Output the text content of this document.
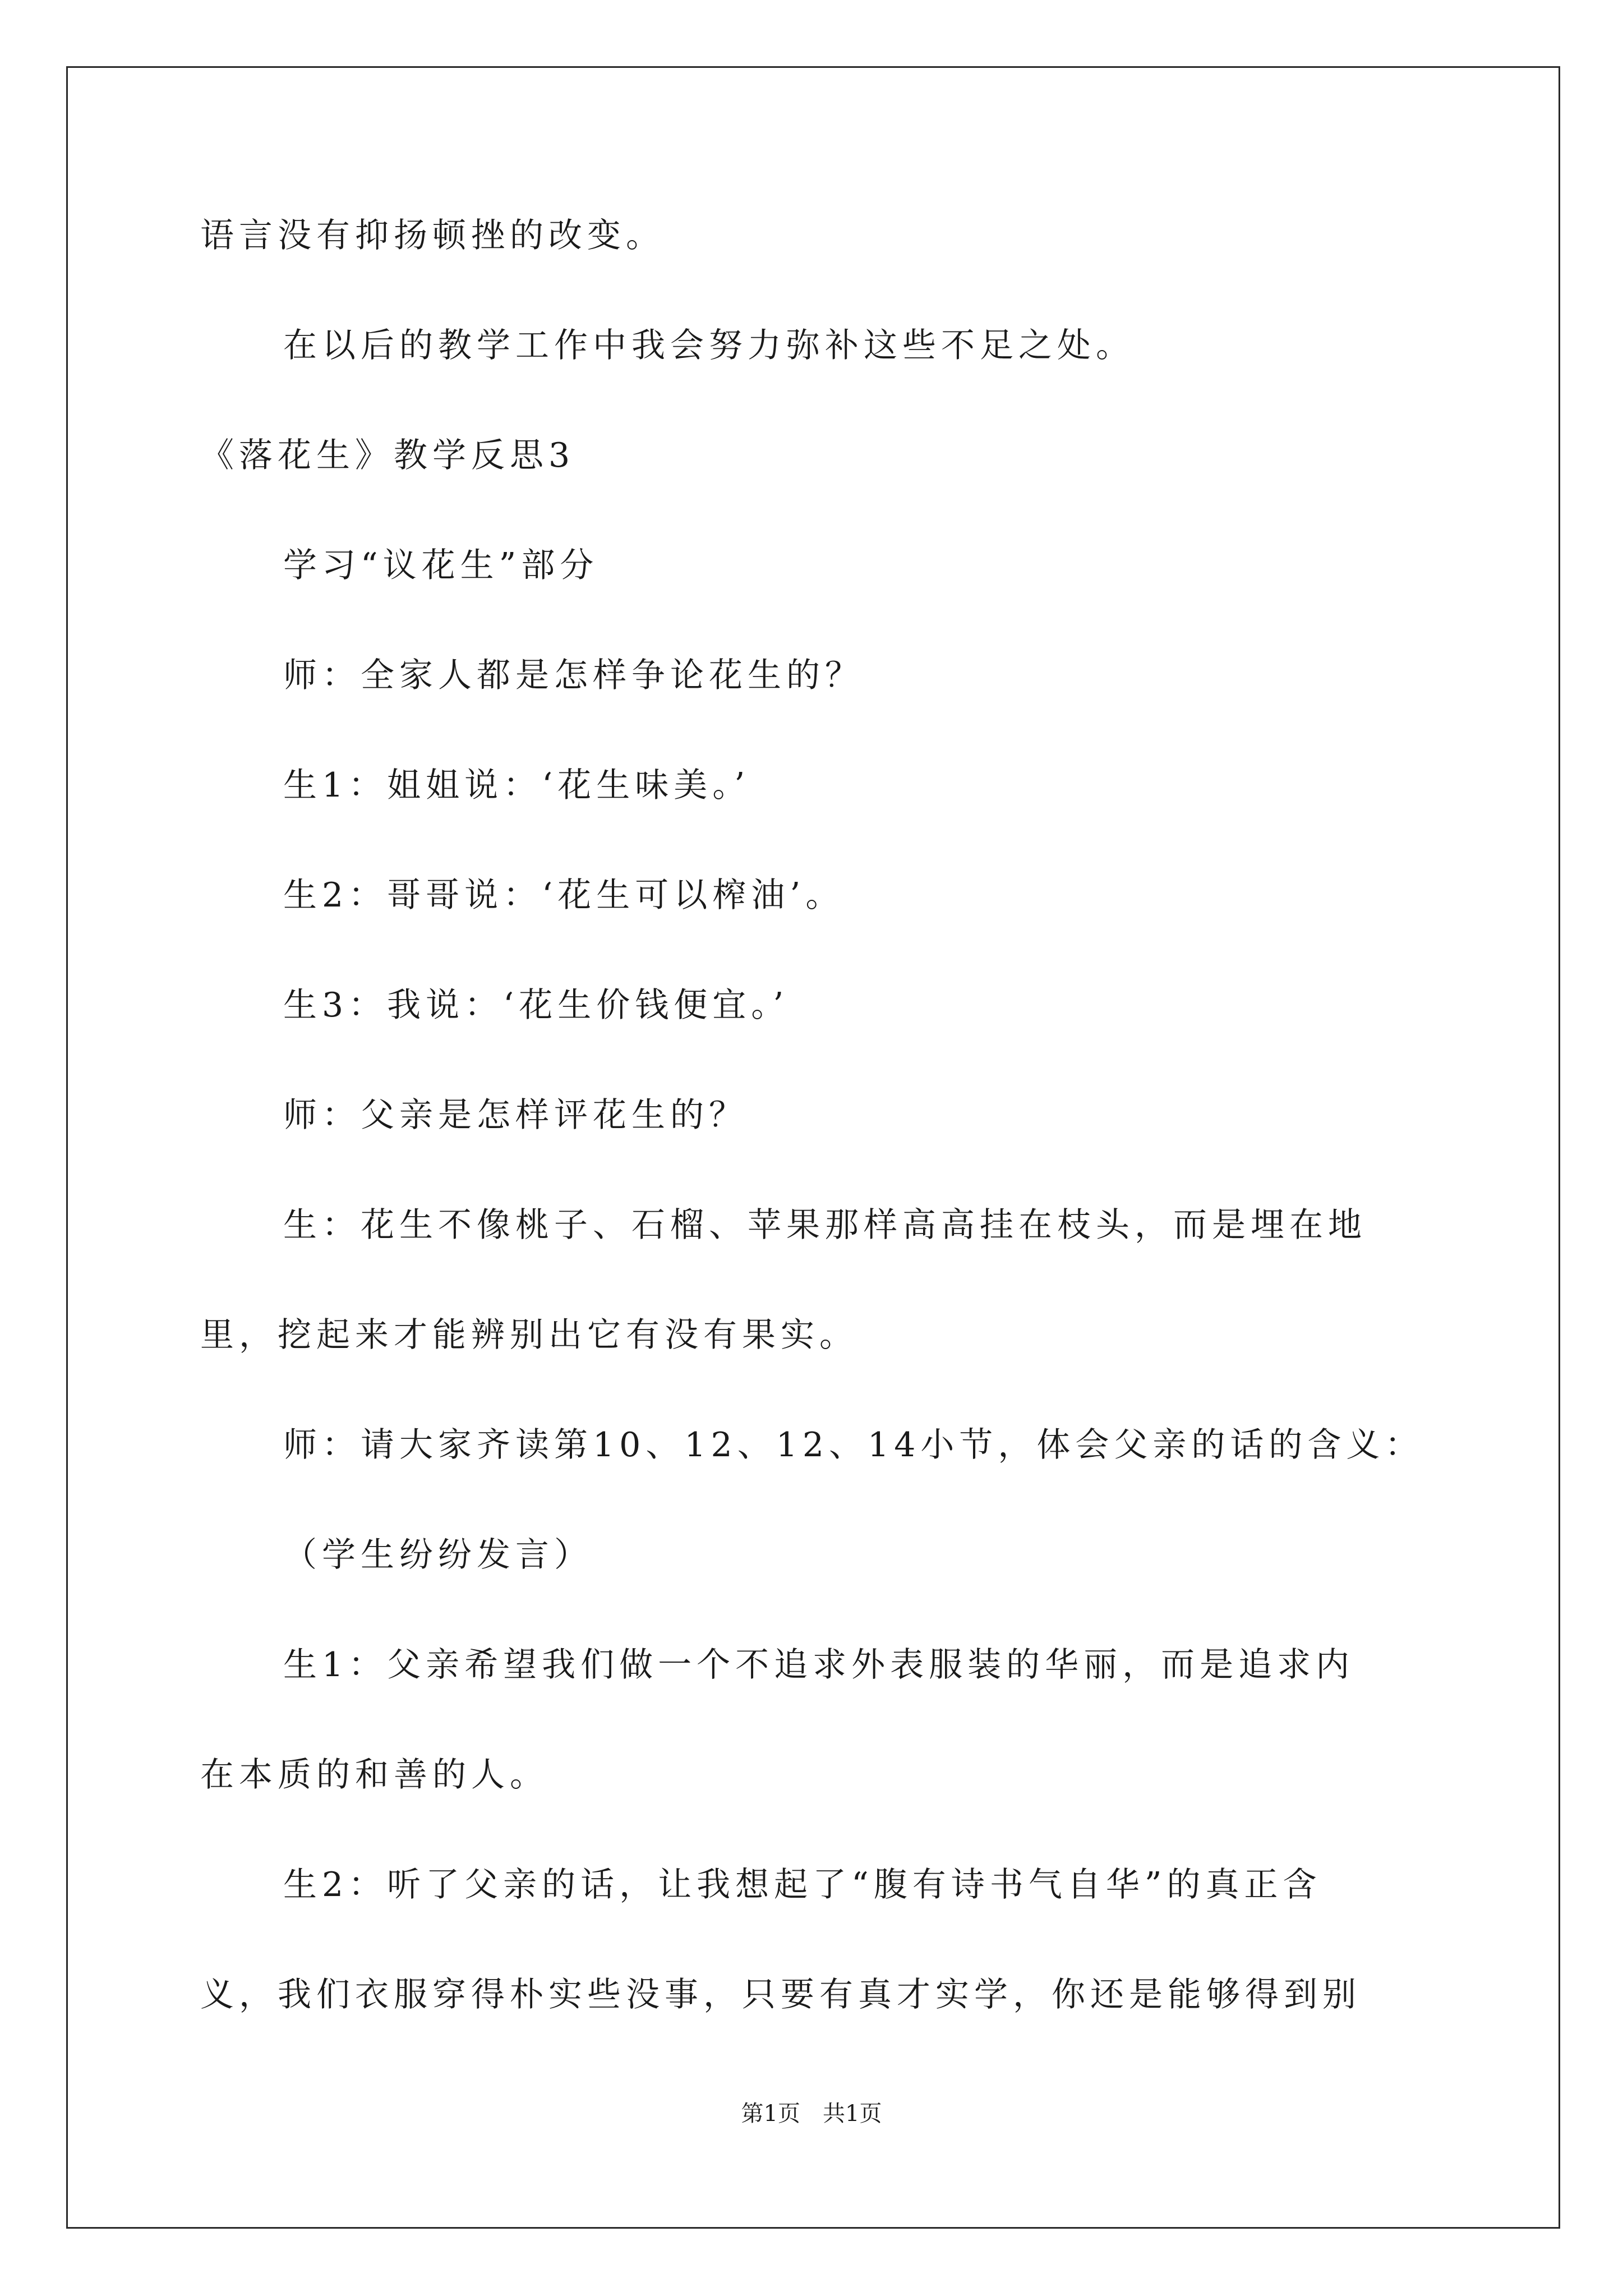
语言没有抑扬顿挫的改变。
在以后的教学工作中我会努力弥补这些不足之处。
《落花生》教学反思3
学习“议花生”部分
师：全家人都是怎样争论花生的？
生1：姐姐说：‘花生味美。’
生2：哥哥说：‘花生可以榨油’。
生3：我说：‘花生价钱便宜。’
师：父亲是怎样评花生的？
生：花生不像桃子、石榴、苹果那样高高挂在枝头，而是埋在地
里，挖起来才能辨别出它有没有果实。
师：请大家齐读第10、12、12、14小节，体会父亲的话的含义：
（学生纷纷发言）
生1：父亲希望我们做一个不追求外表服装的华丽，而是追求内
在本质的和善的人。
生2：听了父亲的话，让我想起了“腹有诗书气自华”的真正含
义，我们衣服穿得朴实些没事，只要有真才实学，你还是能够得到别
第1页　共1页
